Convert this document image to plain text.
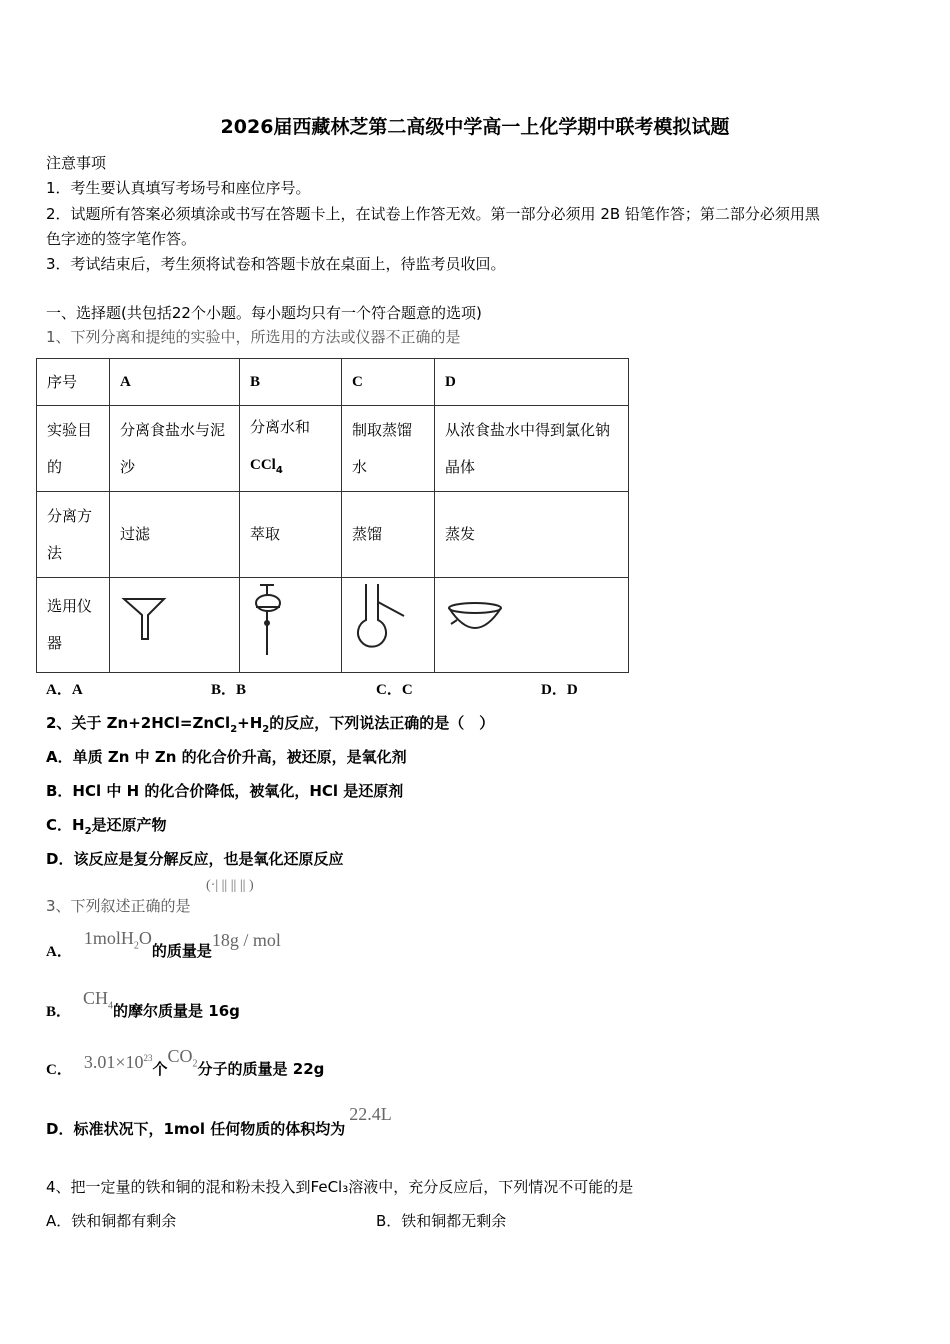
2026届西藏林芝第二高级中学高一上化学期中联考模拟试题
注意事项
1．考生要认真填写考场号和座位序号。
2．试题所有答案必须填涂或书写在答题卡上，在试卷上作答无效。第一部分必须用 2B 铅笔作答；第二部分必须用黑
色字迹的签字笔作答。
3．考试结束后，考生须将试卷和答题卡放在桌面上，待监考员收回。
一、选择题(共包括22个小题。每小题均只有一个符合题意的选项)
1、下列分离和提纯的实验中，所选用的方法或仪器不正确的是
序号	A	B	C	D
实验目的	分离食盐水与泥沙	分离水和
CCl$_4$	制取蒸馏水	从浓食盐水中得到氯化钠晶体
分离方法	过滤	萃取	蒸馏	蒸发
选用仪器				
A．A	B．B	C．C	D．D
2、关于 $Zn+2HCl=ZnCl_2+H_2$的反应，下列说法正确的是（　）
A．单质 Zn 中 Zn 的化合价升高，被还原，是氧化剂
B．HCl 中 H 的化合价降低，被氧化，HCl 是还原剂
C．$H_2$是还原产物
D．该反应是复分解反应，也是氧化还原反应
3、下列叙述正确的是
(·| || || || )
A．1molH$_2$O的质量是18g / mol
B．$CH_4$的摩尔质量是 16g
C． $3.01\times 10^{23}$个$CO_2$分子的质量是 22g
D．标准状况下，1mol 任何物质的体积均为22.4L
4、把一定量的铁和铜的混和粉未投入到FeCl₃溶液中，充分反应后，下列情况不可能的是
A．铁和铜都有剩余	B．铁和铜都无剩余
